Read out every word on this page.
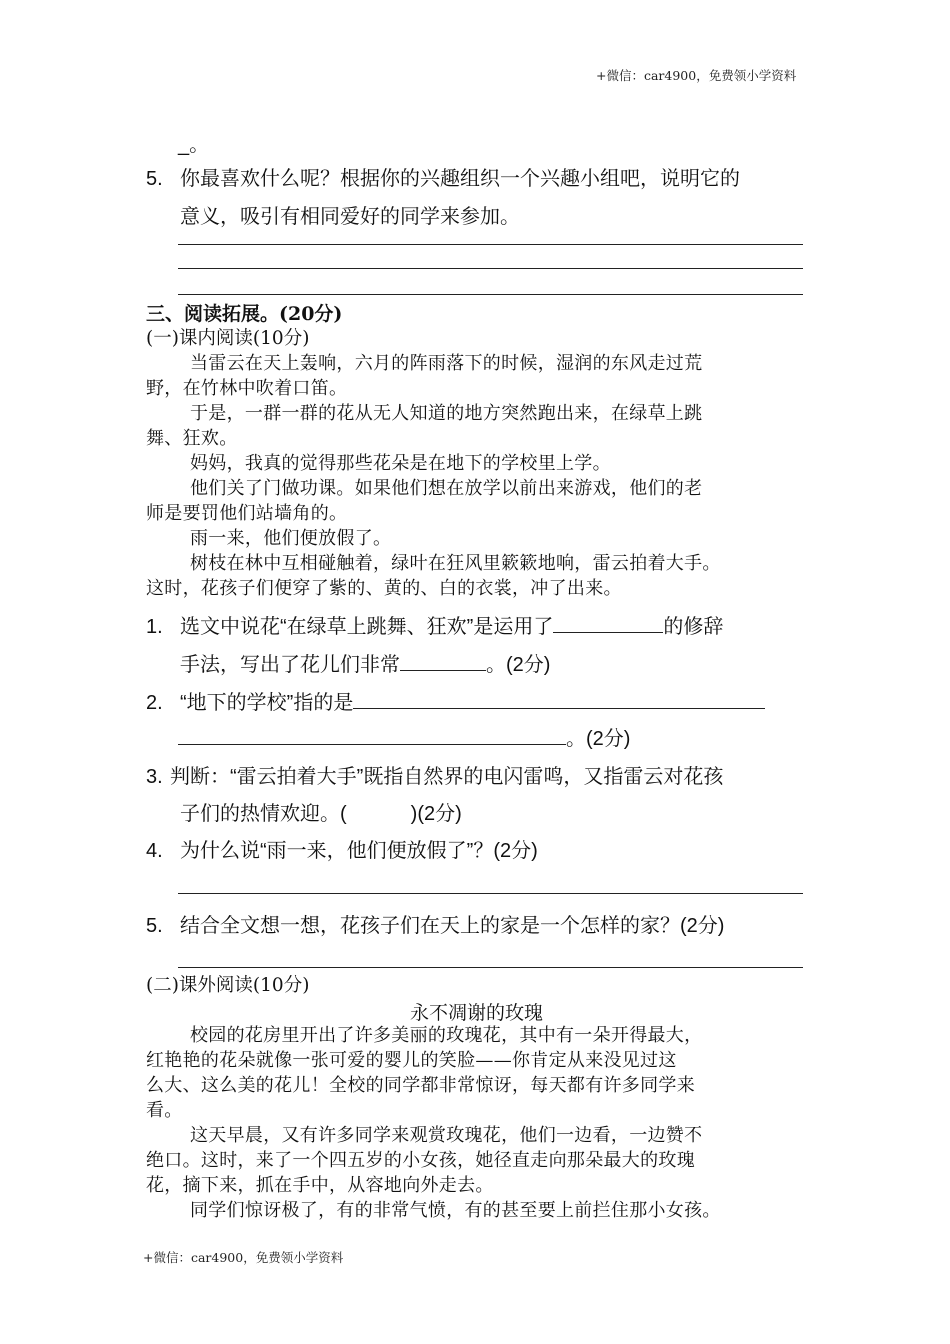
+微信：car4900，免费领小学资料
_。
5. 你最喜欢什么呢？根据你的兴趣组织一个兴趣小组吧，说明它的
意义，吸引有相同爱好的同学来参加。
三、阅读拓展。(20分)
(一)课内阅读(10分)
当雷云在天上轰响，六月的阵雨落下的时候，湿润的东风走过荒
野，在竹林中吹着口笛。
于是，一群一群的花从无人知道的地方突然跑出来，在绿草上跳
舞、狂欢。
妈妈，我真的觉得那些花朵是在地下的学校里上学。
他们关了门做功课。如果他们想在放学以前出来游戏，他们的老
师是要罚他们站墙角的。
雨一来，他们便放假了。
树枝在林中互相碰触着，绿叶在狂风里簌簌地响，雷云拍着大手。
这时，花孩子们便穿了紫的、黄的、白的衣裳，冲了出来。
1. 选文中说花“在绿草上跳舞、狂欢”是运用了	的修辞
手法，写出了花儿们非常	。(2分)
2. “地下的学校”指的是
。(2分)
3. 判断：“雷云拍着大手”既指自然界的电闪雷鸣，又指雷云对花孩
子们的热情欢迎。(	)(2分)
4. 为什么说“雨一来，他们便放假了”？(2分)
5. 结合全文想一想，花孩子们在天上的家是一个怎样的家？(2分)
(二)课外阅读(10分)
永不凋谢的玫瑰
校园的花房里开出了许多美丽的玫瑰花，其中有一朵开得最大，
红艳艳的花朵就像一张可爱的婴儿的笑脸——你肯定从来没见过这
么大、这么美的花儿！全校的同学都非常惊讶，每天都有许多同学来
看。
这天早晨，又有许多同学来观赏玫瑰花，他们一边看，一边赞不
绝口。这时，来了一个四五岁的小女孩，她径直走向那朵最大的玫瑰
花，摘下来，抓在手中，从容地向外走去。
同学们惊讶极了，有的非常气愤，有的甚至要上前拦住那小女孩。
+微信：car4900，免费领小学资料
